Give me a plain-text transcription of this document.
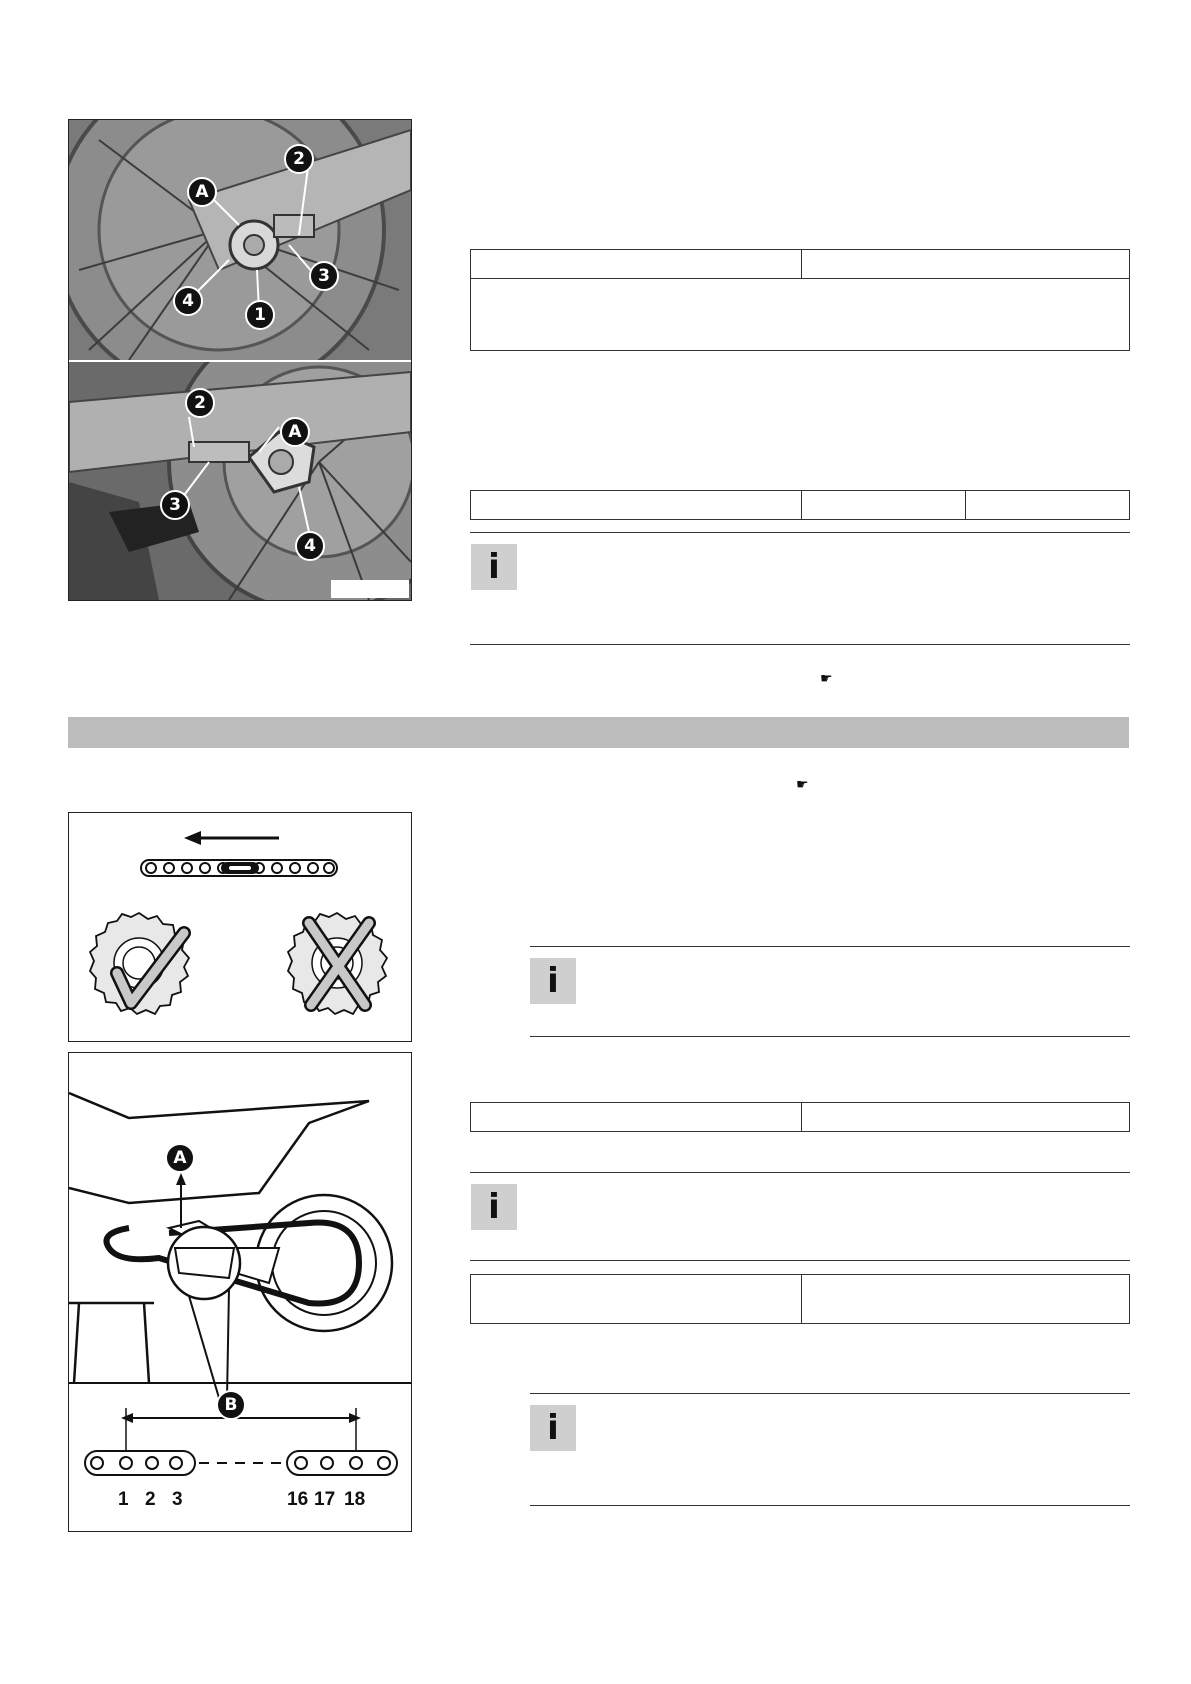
A
2
3
4
1
2
A
3
4
i
☛
☛
i
1 2 3	16 17 18
A
B
i
i
